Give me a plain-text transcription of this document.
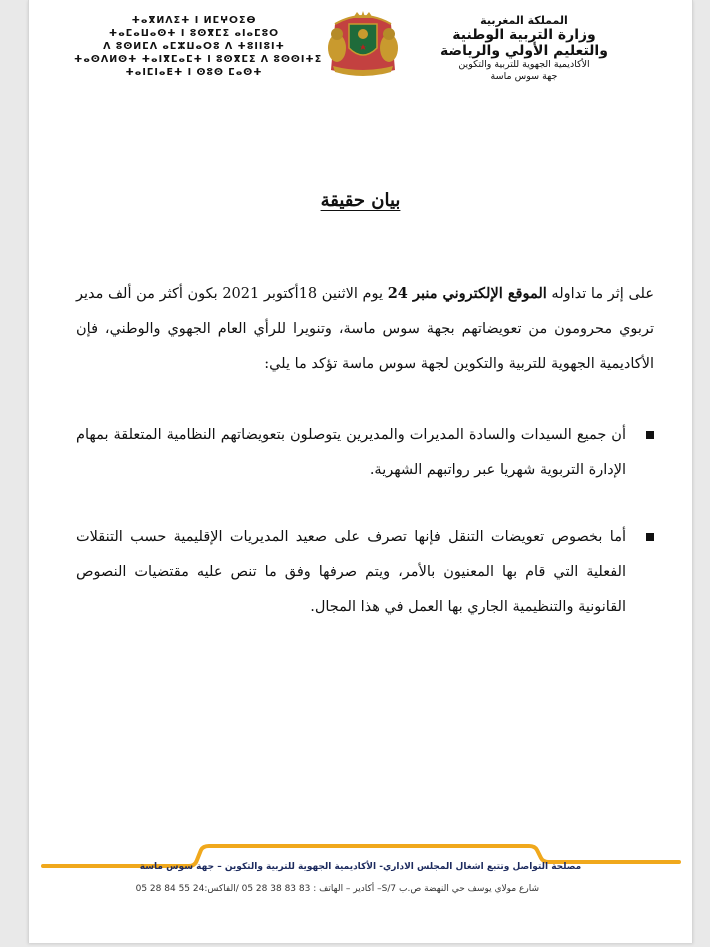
ⵜⴰⴳⵍⴷⵉⵜ ⵏ ⵍⵎⵖⵔⵉⴱ
ⵜⴰⵎⴰⵡⴰⵙⵜ ⵏ ⵓⵙⴳⵎⵉ ⴰⵏⴰⵎⵓⵔ
ⴷ ⵓⵙⵍⵎⴷ ⴰⵎⵣⵡⴰⵔⵓ ⴷ ⵜⵓⵏⵏⵓⵏⵜ
ⵜⴰⵙⴷⵍⵙⵜ ⵜⴰⵏⴳⵎⴰⵎⵜ ⵏ ⵓⵙⴳⵎⵉ ⴷ ⵓⵙⵙⵏⵜⵉ
ⵜⴰⵏⵎⵏⴰⴹⵜ ⵏ ⵙⵓⵙ ⵎⴰⵙⵜ
المملكة المغربية
وزارة التربية الوطنية
والتعليم الأولي والرياضة
الأكاديمية الجهوية للتربية والتكوين
جهة سوس ماسة
بيان حقيقة
على إثر ما تداوله الموقع الإلكتروني منبر 24 يوم الاثنين 18أكتوبر 2021 بكون أكثر من ألف مدير تربوي محرومون من تعويضاتهم بجهة سوس ماسة، وتنويرا للرأي العام الجهوي والوطني، فإن الأكاديمية الجهوية للتربية والتكوين لجهة سوس ماسة تؤكد ما يلي:
أن جميع السيدات والسادة المديرات والمديرين يتوصلون بتعويضاتهم النظامية المتعلقة بمهام الإدارة التربوية شهريا عبر رواتبهم الشهرية.
أما بخصوص تعويضات التنقل فإنها تصرف على صعيد المديريات الإقليمية حسب التنقلات الفعلية التي قام بها المعنيون بالأمر، ويتم صرفها وفق ما تنص عليه مقتضيات النصوص القانونية والتنظيمية الجاري بها العمل في هذا المجال.
مصلحة التواصل وتتبع اشغال المجلس الاداري- الأكاديمية الجهوية للتربية والتكوين – جهة سوس ماسة
شارع مولاي يوسف حي النهضة ص.ب 7/S– أكادير – الهاتف : 83 83 38 28 05 /الفاكس:24 55 84 28 05
